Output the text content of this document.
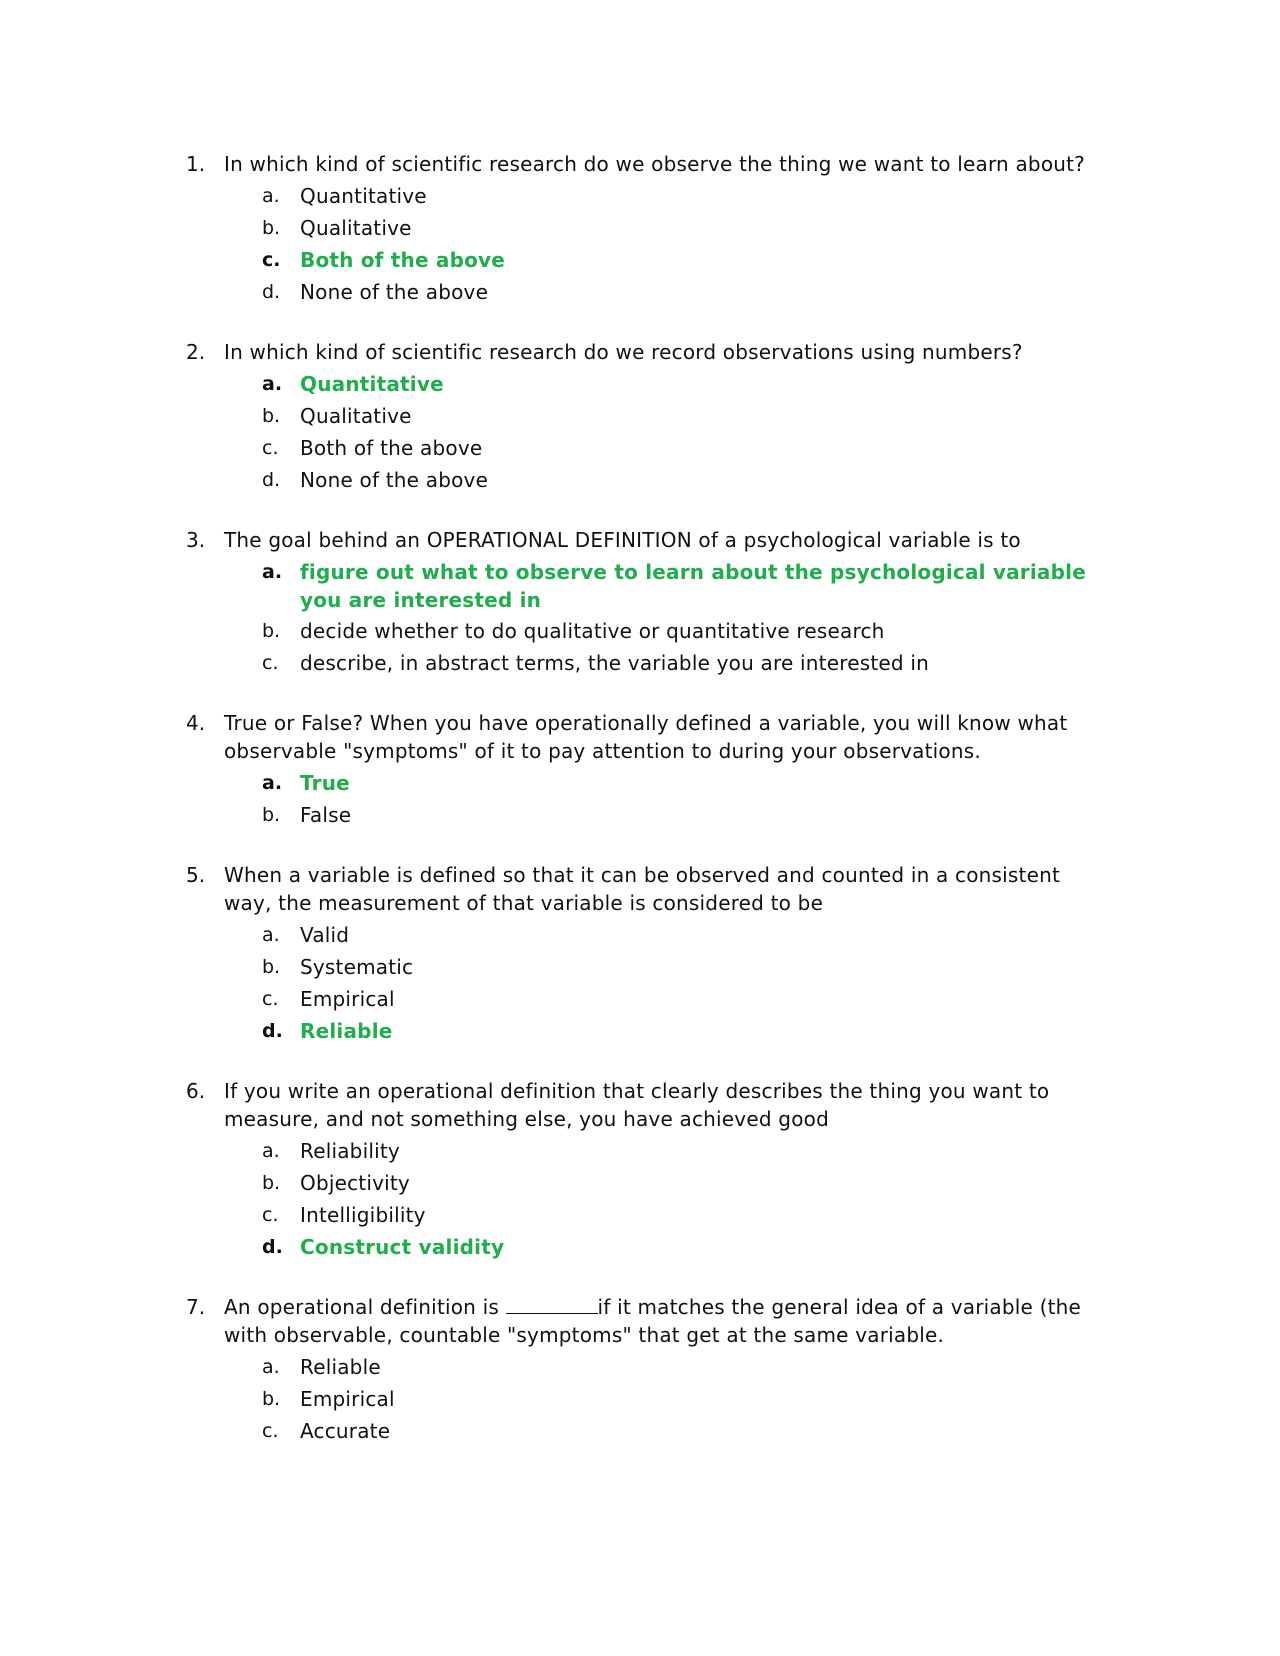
1. In which kind of scientific research do we observe the thing we want to learn about?
a.	Quantitative
b. Qualitative
c. Both of the above
d. None of the above
2. In which kind of scientific research do we record observations using numbers?
a. Quantitative
b. Qualitative
c.	Both of the above
d. None of the above
3. The goal behind an OPERATIONAL DEFINITION of a psychological variable is to
a. figure out what to observe to learn about the psychological variable you are interested in
b. decide whether to do qualitative or quantitative research
c.	describe, in abstract terms, the variable you are interested in
4. True or False? When you have operationally defined a variable, you will know what observable "symptoms" of it to pay attention to during your observations.
a. True
b. False
5. When a variable is defined so that it can be observed and counted in a consistent way, the measurement of that variable is considered to be
a.	Valid
b. Systematic
c.	Empirical
d. Reliable
6. If you write an operational definition that clearly describes the thing you want to measure, and not something else, you have achieved good
a.	Reliability
b. Objectivity
c.	Intelligibility
d. Construct validity
7. An operational definition is	if it matches the general idea of a variable (the with observable, countable "symptoms" that get at the same variable.
a.	Reliable
b. Empirical
c.	Accurate
